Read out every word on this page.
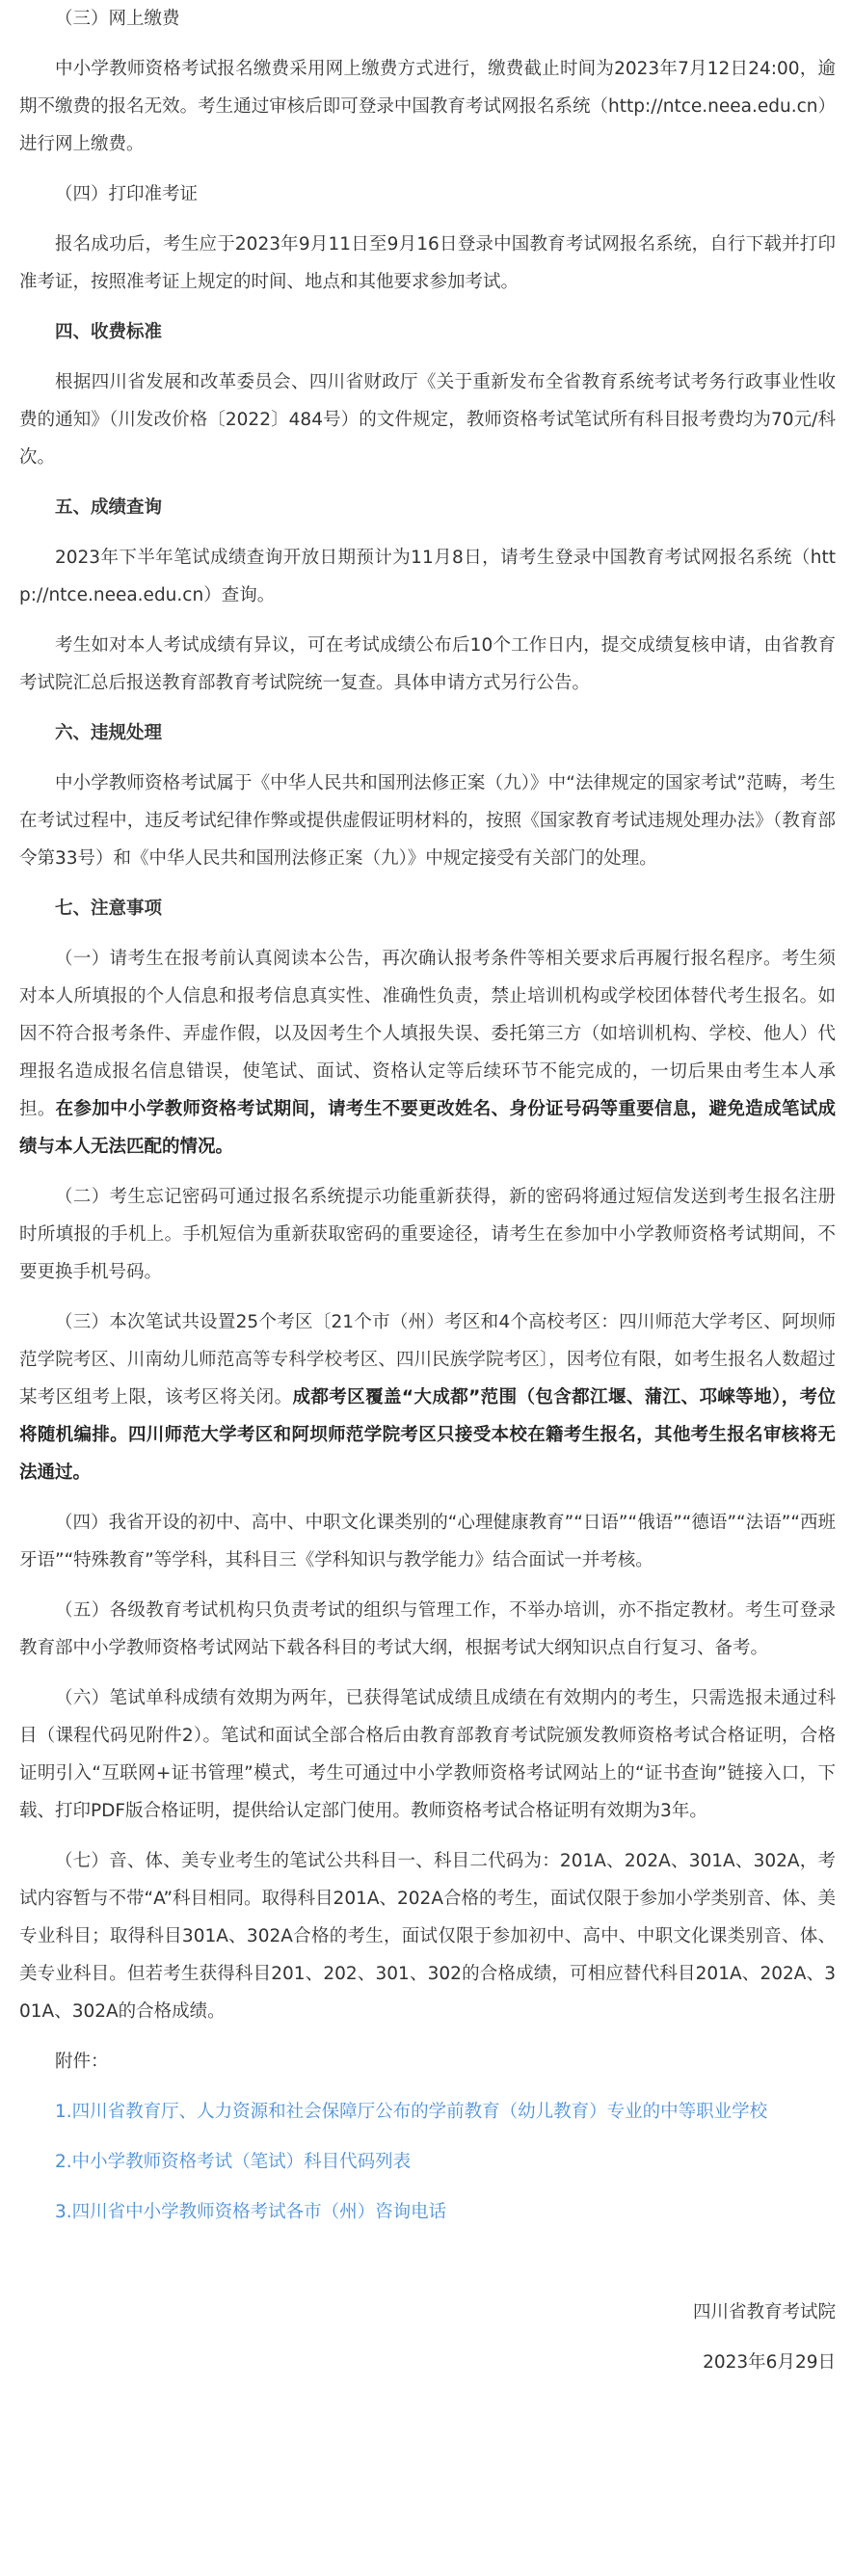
（三）网上缴费

中小学教师资格考试报名缴费采用网上缴费方式进行，缴费截止时间为2023年7月12日24:00，逾期不缴费的报名无效。考生通过审核后即可登录中国教育考试网报名系统（http://ntce.neea.edu.cn）进行网上缴费。

（四）打印准考证

报名成功后，考生应于2023年9月11日至9月16日登录中国教育考试网报名系统，自行下载并打印准考证，按照准考证上规定的时间、地点和其他要求参加考试。

四、收费标准

根据四川省发展和改革委员会、四川省财政厅《关于重新发布全省教育系统考试考务行政事业性收费的通知》（川发改价格〔2022〕484号）的文件规定，教师资格考试笔试所有科目报考费均为70元/科次。

五、成绩查询

2023年下半年笔试成绩查询开放日期预计为11月8日，请考生登录中国教育考试网报名系统（http://ntce.neea.edu.cn）查询。

考生如对本人考试成绩有异议，可在考试成绩公布后10个工作日内，提交成绩复核申请，由省教育考试院汇总后报送教育部教育考试院统一复查。具体申请方式另行公告。

六、违规处理

中小学教师资格考试属于《中华人民共和国刑法修正案（九）》中“法律规定的国家考试”范畴，考生在考试过程中，违反考试纪律作弊或提供虚假证明材料的，按照《国家教育考试违规处理办法》（教育部令第33号）和《中华人民共和国刑法修正案（九）》中规定接受有关部门的处理。

七、注意事项

（一）请考生在报考前认真阅读本公告，再次确认报考条件等相关要求后再履行报名程序。考生须对本人所填报的个人信息和报考信息真实性、准确性负责，禁止培训机构或学校团体替代考生报名。如因不符合报考条件、弄虚作假，以及因考生个人填报失误、委托第三方（如培训机构、学校、他人）代理报名造成报名信息错误，使笔试、面试、资格认定等后续环节不能完成的，一切后果由考生本人承担。在参加中小学教师资格考试期间，请考生不要更改姓名、身份证号码等重要信息，避免造成笔试成绩与本人无法匹配的情况。

（二）考生忘记密码可通过报名系统提示功能重新获得，新的密码将通过短信发送到考生报名注册时所填报的手机上。手机短信为重新获取密码的重要途径，请考生在参加中小学教师资格考试期间，不要更换手机号码。

（三）本次笔试共设置25个考区〔21个市（州）考区和4个高校考区：四川师范大学考区、阿坝师范学院考区、川南幼儿师范高等专科学校考区、四川民族学院考区〕，因考位有限，如考生报名人数超过某考区组考上限，该考区将关闭。成都考区覆盖“大成都”范围（包含都江堰、蒲江、邛崃等地），考位将随机编排。四川师范大学考区和阿坝师范学院考区只接受本校在籍考生报名，其他考生报名审核将无法通过。

（四）我省开设的初中、高中、中职文化课类别的“心理健康教育”“日语”“俄语”“德语”“法语”“西班牙语”“特殊教育”等学科，其科目三《学科知识与教学能力》结合面试一并考核。

（五）各级教育考试机构只负责考试的组织与管理工作，不举办培训，亦不指定教材。考生可登录教育部中小学教师资格考试网站下载各科目的考试大纲，根据考试大纲知识点自行复习、备考。

（六）笔试单科成绩有效期为两年，已获得笔试成绩且成绩在有效期内的考生，只需选报未通过科目（课程代码见附件2）。笔试和面试全部合格后由教育部教育考试院颁发教师资格考试合格证明，合格证明引入“互联网+证书管理”模式，考生可通过中小学教师资格考试网站上的“证书查询”链接入口，下载、打印PDF版合格证明，提供给认定部门使用。教师资格考试合格证明有效期为3年。

（七）音、体、美专业考生的笔试公共科目一、科目二代码为：201A、202A、301A、302A，考试内容暂与不带“A”科目相同。取得科目201A、202A合格的考生，面试仅限于参加小学类别音、体、美专业科目；取得科目301A、302A合格的考生，面试仅限于参加初中、高中、中职文化课类别音、体、美专业科目。但若考生获得科目201、202、301、302的合格成绩，可相应替代科目201A、202A、301A、302A的合格成绩。

附件：

1.四川省教育厅、人力资源和社会保障厅公布的学前教育（幼儿教育）专业的中等职业学校
2.中小学教师资格考试（笔试）科目代码列表
3.四川省中小学教师资格考试各市（州）咨询电话

四川省教育考试院

2023年6月29日
